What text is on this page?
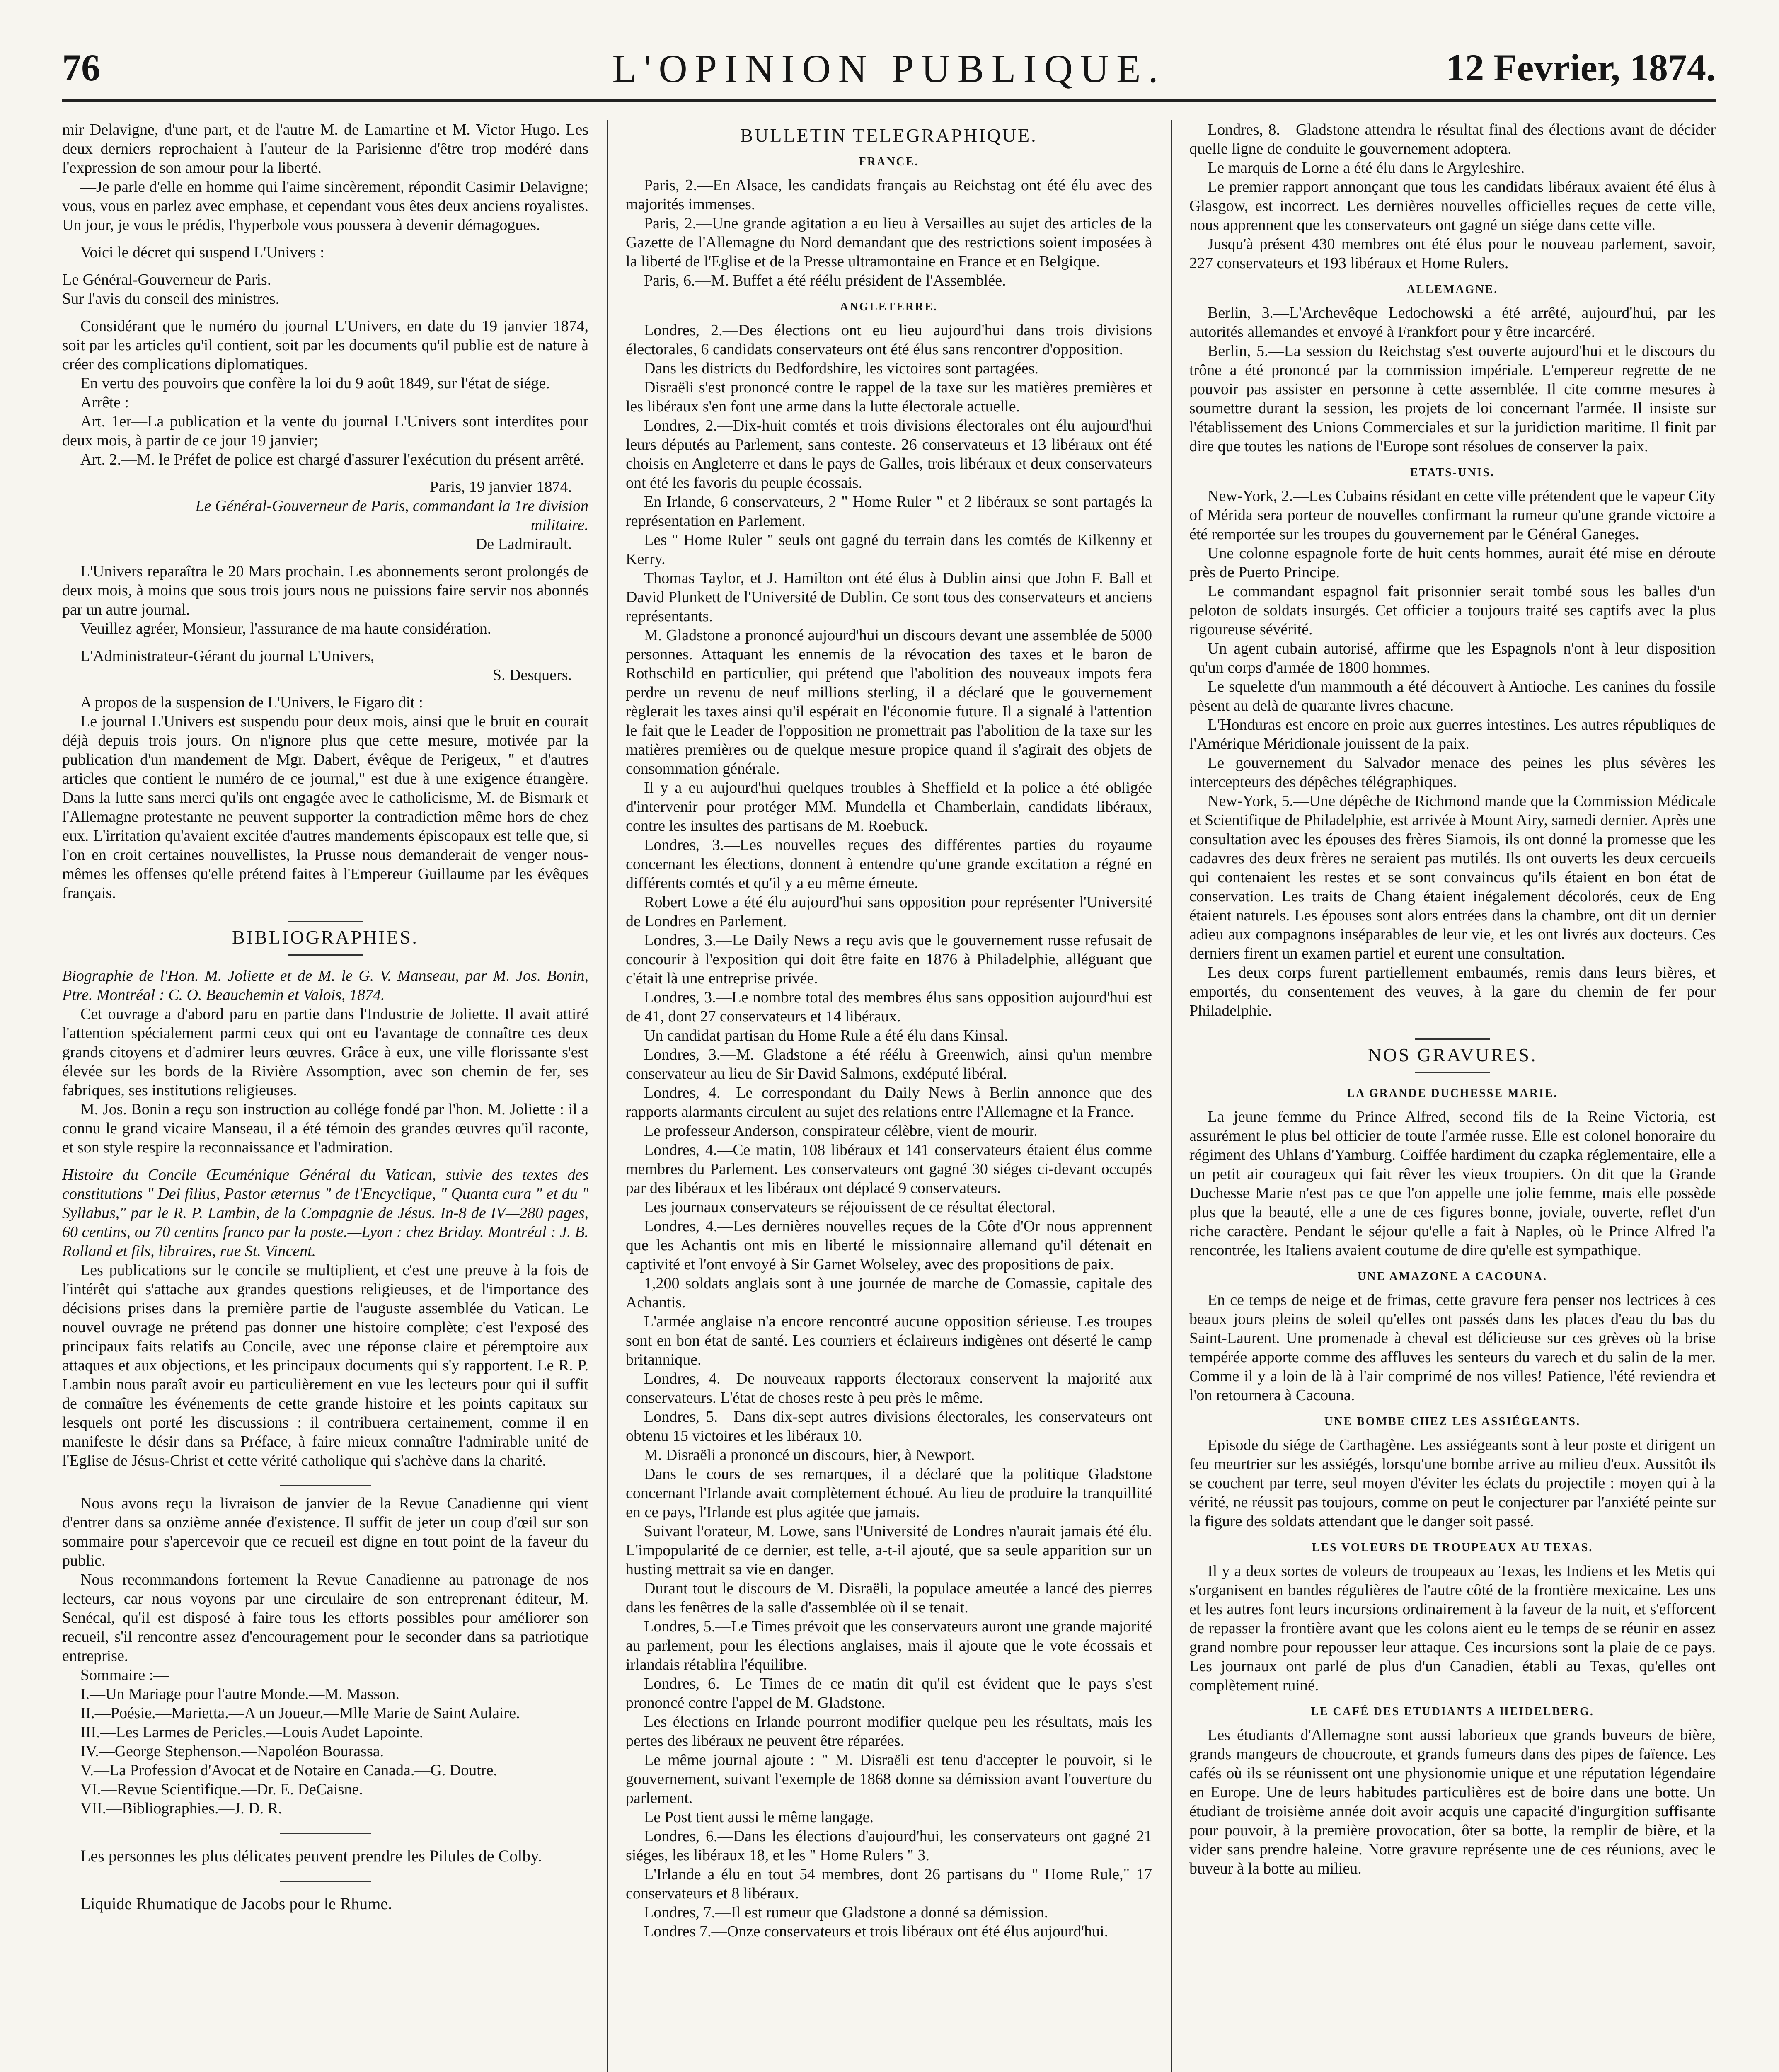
76	L'OPINION PUBLIQUE.	12 Fevrier, 1874.

mir Delavigne, d'une part, et de l'autre M. de Lamartine et M. Victor Hugo. Les deux derniers reprochaient à l'auteur de la Parisienne d'être trop modéré dans l'expression de son amour pour la liberté.

—Je parle d'elle en homme qui l'aime sincèrement, répondit Casimir Delavigne; vous, vous en parlez avec emphase, et cependant vous êtes deux anciens royalistes. Un jour, je vous le prédis, l'hyperbole vous poussera à devenir démagogues.

Voici le décret qui suspend L'Univers :

Le Général-Gouverneur de Paris.

Sur l'avis du conseil des ministres.

Considérant que le numéro du journal L'Univers, en date du 19 janvier 1874, soit par les articles qu'il contient, soit par les documents qu'il publie est de nature à créer des complications diplomatiques.

En vertu des pouvoirs que confère la loi du 9 août 1849, sur l'état de siége.

Arrête :

Art. 1er—La publication et la vente du journal L'Univers sont interdites pour deux mois, à partir de ce jour 19 janvier;

Art. 2.—M. le Préfet de police est chargé d'assurer l'exécution du présent arrêté.

Paris, 19 janvier 1874.

Le Général-Gouverneur de Paris, commandant la 1re division militaire.

De Ladmirault.

L'Univers reparaîtra le 20 Mars prochain. Les abonnements seront prolongés de deux mois, à moins que sous trois jours nous ne puissions faire servir nos abonnés par un autre journal.

Veuillez agréer, Monsieur, l'assurance de ma haute considération.

L'Administrateur-Gérant du journal L'Univers,

S. Desquers.

A propos de la suspension de L'Univers, le Figaro dit :

Le journal L'Univers est suspendu pour deux mois, ainsi que le bruit en courait déjà depuis trois jours. On n'ignore plus que cette mesure, motivée par la publication d'un mandement de Mgr. Dabert, évêque de Perigeux, " et d'autres articles que contient le numéro de ce journal," est due à une exigence étrangère. Dans la lutte sans merci qu'ils ont engagée avec le catholicisme, M. de Bismark et l'Allemagne protestante ne peuvent supporter la contradiction même hors de chez eux. L'irritation qu'avaient excitée d'autres mandements épiscopaux est telle que, si l'on en croit certaines nouvellistes, la Prusse nous demanderait de venger nous-mêmes les offenses qu'elle prétend faites à l'Empereur Guillaume par les évêques français.

BIBLIOGRAPHIES.

Biographie de l'Hon. M. Joliette et de M. le G. V. Manseau, par M. Jos. Bonin, Ptre. Montréal : C. O. Beauchemin et Valois, 1874.

Cet ouvrage a d'abord paru en partie dans l'Industrie de Joliette. Il avait attiré l'attention spécialement parmi ceux qui ont eu l'avantage de connaître ces deux grands citoyens et d'admirer leurs œuvres. Grâce à eux, une ville florissante s'est élevée sur les bords de la Rivière Assomption, avec son chemin de fer, ses fabriques, ses institutions religieuses.

M. Jos. Bonin a reçu son instruction au collége fondé par l'hon. M. Joliette : il a connu le grand vicaire Manseau, il a été témoin des grandes œuvres qu'il raconte, et son style respire la reconnaissance et l'admiration.

Histoire du Concile Œcuménique Général du Vatican, suivie des textes des constitutions " Dei filius, Pastor æternus " de l'Encyclique, " Quanta cura " et du " Syllabus," par le R. P. Lambin, de la Compagnie de Jésus. In-8 de IV—280 pages, 60 centins, ou 70 centins franco par la poste.—Lyon : chez Briday. Montréal : J. B. Rolland et fils, libraires, rue St. Vincent.

Les publications sur le concile se multiplient, et c'est une preuve à la fois de l'intérêt qui s'attache aux grandes questions religieuses, et de l'importance des décisions prises dans la première partie de l'auguste assemblée du Vatican. Le nouvel ouvrage ne prétend pas donner une histoire complète; c'est l'exposé des principaux faits relatifs au Concile, avec une réponse claire et péremptoire aux attaques et aux objections, et les principaux documents qui s'y rapportent. Le R. P. Lambin nous paraît avoir eu particulièrement en vue les lecteurs pour qui il suffit de connaître les événements de cette grande histoire et les points capitaux sur lesquels ont porté les discussions : il contribuera certainement, comme il en manifeste le désir dans sa Préface, à faire mieux connaître l'admirable unité de l'Eglise de Jésus-Christ et cette vérité catholique qui s'achève dans la charité.

Nous avons reçu la livraison de janvier de la Revue Canadienne qui vient d'entrer dans sa onzième année d'existence. Il suffit de jeter un coup d'œil sur son sommaire pour s'apercevoir que ce recueil est digne en tout point de la faveur du public.

Nous recommandons fortement la Revue Canadienne au patronage de nos lecteurs, car nous voyons par une circulaire de son entreprenant éditeur, M. Senécal, qu'il est disposé à faire tous les efforts possibles pour améliorer son recueil, s'il rencontre assez d'encouragement pour le seconder dans sa patriotique entreprise.

Sommaire :—

I.—Un Mariage pour l'autre Monde.—M. Masson.

II.—Poésie.—Marietta.—A un Joueur.—Mlle Marie de Saint Aulaire.

III.—Les Larmes de Pericles.—Louis Audet Lapointe.

IV.—George Stephenson.—Napoléon Bourassa.

V.—La Profession d'Avocat et de Notaire en Canada.—G. Doutre.

VI.—Revue Scientifique.—Dr. E. DeCaisne.

VII.—Bibliographies.—J. D. R.

Les personnes les plus délicates peuvent prendre les Pilules de Colby.

Liquide Rhumatique de Jacobs pour le Rhume.

BULLETIN TELEGRAPHIQUE.

FRANCE.

Paris, 2.—En Alsace, les candidats français au Reichstag ont été élu avec des majorités immenses.

Paris, 2.—Une grande agitation a eu lieu à Versailles au sujet des articles de la Gazette de l'Allemagne du Nord demandant que des restrictions soient imposées à la liberté de l'Eglise et de la Presse ultramontaine en France et en Belgique.

Paris, 6.—M. Buffet a été réélu président de l'Assemblée.

ANGLETERRE.

Londres, 2.—Des élections ont eu lieu aujourd'hui dans trois divisions électorales, 6 candidats conservateurs ont été élus sans rencontrer d'opposition.

Dans les districts du Bedfordshire, les victoires sont partagées.

Disraëli s'est prononcé contre le rappel de la taxe sur les matières premières et les libéraux s'en font une arme dans la lutte électorale actuelle.

Londres, 2.—Dix-huit comtés et trois divisions électorales ont élu aujourd'hui leurs députés au Parlement, sans conteste. 26 conservateurs et 13 libéraux ont été choisis en Angleterre et dans le pays de Galles, trois libéraux et deux conservateurs ont été les favoris du peuple écossais.

En Irlande, 6 conservateurs, 2 " Home Ruler " et 2 libéraux se sont partagés la représentation en Parlement.

Les " Home Ruler " seuls ont gagné du terrain dans les comtés de Kilkenny et Kerry.

Thomas Taylor, et J. Hamilton ont été élus à Dublin ainsi que John F. Ball et David Plunkett de l'Université de Dublin. Ce sont tous des conservateurs et anciens représentants.

M. Gladstone a prononcé aujourd'hui un discours devant une assemblée de 5000 personnes. Attaquant les ennemis de la révocation des taxes et le baron de Rothschild en particulier, qui prétend que l'abolition des nouveaux impots fera perdre un revenu de neuf millions sterling, il a déclaré que le gouvernement règlerait les taxes ainsi qu'il espérait en l'économie future. Il a signalé à l'attention le fait que le Leader de l'opposition ne promettrait pas l'abolition de la taxe sur les matières premières ou de quelque mesure propice quand il s'agirait des objets de consommation générale.

Il y a eu aujourd'hui quelques troubles à Sheffield et la police a été obligée d'intervenir pour protéger MM. Mundella et Chamberlain, candidats libéraux, contre les insultes des partisans de M. Roebuck.

Londres, 3.—Les nouvelles reçues des différentes parties du royaume concernant les élections, donnent à entendre qu'une grande excitation a régné en différents comtés et qu'il y a eu même émeute.

Robert Lowe a été élu aujourd'hui sans opposition pour représenter l'Université de Londres en Parlement.

Londres, 3.—Le Daily News a reçu avis que le gouvernement russe refusait de concourir à l'exposition qui doit être faite en 1876 à Philadelphie, alléguant que c'était là une entreprise privée.

Londres, 3.—Le nombre total des membres élus sans opposition aujourd'hui est de 41, dont 27 conservateurs et 14 libéraux.

Un candidat partisan du Home Rule a été élu dans Kinsal.

Londres, 3.—M. Gladstone a été réélu à Greenwich, ainsi qu'un membre conservateur au lieu de Sir David Salmons, exdéputé libéral.

Londres, 4.—Le correspondant du Daily News à Berlin annonce que des rapports alarmants circulent au sujet des relations entre l'Allemagne et la France.

Le professeur Anderson, conspirateur célèbre, vient de mourir.

Londres, 4.—Ce matin, 108 libéraux et 141 conservateurs étaient élus comme membres du Parlement. Les conservateurs ont gagné 30 siéges ci-devant occupés par des libéraux et les libéraux ont déplacé 9 conservateurs.

Les journaux conservateurs se réjouissent de ce résultat électoral.

Londres, 4.—Les dernières nouvelles reçues de la Côte d'Or nous apprennent que les Achantis ont mis en liberté le missionnaire allemand qu'il détenait en captivité et l'ont envoyé à Sir Garnet Wolseley, avec des propositions de paix.

1,200 soldats anglais sont à une journée de marche de Comassie, capitale des Achantis.

L'armée anglaise n'a encore rencontré aucune opposition sérieuse. Les troupes sont en bon état de santé. Les courriers et éclaireurs indigènes ont déserté le camp britannique.

Londres, 4.—De nouveaux rapports électoraux conservent la majorité aux conservateurs. L'état de choses reste à peu près le même.

Londres, 5.—Dans dix-sept autres divisions électorales, les conservateurs ont obtenu 15 victoires et les libéraux 10.

M. Disraëli a prononcé un discours, hier, à Newport.

Dans le cours de ses remarques, il a déclaré que la politique Gladstone concernant l'Irlande avait complètement échoué. Au lieu de produire la tranquillité en ce pays, l'Irlande est plus agitée que jamais.

Suivant l'orateur, M. Lowe, sans l'Université de Londres n'aurait jamais été élu. L'impopularité de ce dernier, est telle, a-t-il ajouté, que sa seule apparition sur un husting mettrait sa vie en danger.

Durant tout le discours de M. Disraëli, la populace ameutée a lancé des pierres dans les fenêtres de la salle d'assemblée où il se tenait.

Londres, 5.—Le Times prévoit que les conservateurs auront une grande majorité au parlement, pour les élections anglaises, mais il ajoute que le vote écossais et irlandais rétablira l'équilibre.

Londres, 6.—Le Times de ce matin dit qu'il est évident que le pays s'est prononcé contre l'appel de M. Gladstone.

Les élections en Irlande pourront modifier quelque peu les résultats, mais les pertes des libéraux ne peuvent être réparées.

Le même journal ajoute : " M. Disraëli est tenu d'accepter le pouvoir, si le gouvernement, suivant l'exemple de 1868 donne sa démission avant l'ouverture du parlement.

Le Post tient aussi le même langage.

Londres, 6.—Dans les élections d'aujourd'hui, les conservateurs ont gagné 21 siéges, les libéraux 18, et les " Home Rulers " 3.

L'Irlande a élu en tout 54 membres, dont 26 partisans du " Home Rule," 17 conservateurs et 8 libéraux.

Londres, 7.—Il est rumeur que Gladstone a donné sa démission.

Londres 7.—Onze conservateurs et trois libéraux ont été élus aujourd'hui.

Londres, 8.—Gladstone attendra le résultat final des élections avant de décider quelle ligne de conduite le gouvernement adoptera.

Le marquis de Lorne a été élu dans le Argyleshire.

Le premier rapport annonçant que tous les candidats libéraux avaient été élus à Glasgow, est incorrect. Les dernières nouvelles officielles reçues de cette ville, nous apprennent que les conservateurs ont gagné un siége dans cette ville.

Jusqu'à présent 430 membres ont été élus pour le nouveau parlement, savoir, 227 conservateurs et 193 libéraux et Home Rulers.

ALLEMAGNE.

Berlin, 3.—L'Archevêque Ledochowski a été arrêté, aujourd'hui, par les autorités allemandes et envoyé à Frankfort pour y être incarcéré.

Berlin, 5.—La session du Reichstag s'est ouverte aujourd'hui et le discours du trône a été prononcé par la commission impériale. L'empereur regrette de ne pouvoir pas assister en personne à cette assemblée. Il cite comme mesures à soumettre durant la session, les projets de loi concernant l'armée. Il insiste sur l'établissement des Unions Commerciales et sur la juridiction maritime. Il finit par dire que toutes les nations de l'Europe sont résolues de conserver la paix.

ETATS-UNIS.

New-York, 2.—Les Cubains résidant en cette ville prétendent que le vapeur City of Mérida sera porteur de nouvelles confirmant la rumeur qu'une grande victoire a été remportée sur les troupes du gouvernement par le Général Ganeges.

Une colonne espagnole forte de huit cents hommes, aurait été mise en déroute près de Puerto Principe.

Le commandant espagnol fait prisonnier serait tombé sous les balles d'un peloton de soldats insurgés. Cet officier a toujours traité ses captifs avec la plus rigoureuse sévérité.

Un agent cubain autorisé, affirme que les Espagnols n'ont à leur disposition qu'un corps d'armée de 1800 hommes.

Le squelette d'un mammouth a été découvert à Antioche. Les canines du fossile pèsent au delà de quarante livres chacune.

L'Honduras est encore en proie aux guerres intestines. Les autres républiques de l'Amérique Méridionale jouissent de la paix.

Le gouvernement du Salvador menace des peines les plus sévères les intercepteurs des dépêches télégraphiques.

New-York, 5.—Une dépêche de Richmond mande que la Commission Médicale et Scientifique de Philadelphie, est arrivée à Mount Airy, samedi dernier. Après une consultation avec les épouses des frères Siamois, ils ont donné la promesse que les cadavres des deux frères ne seraient pas mutilés. Ils ont ouverts les deux cercueils qui contenaient les restes et se sont convaincus qu'ils étaient en bon état de conservation. Les traits de Chang étaient inégalement décolorés, ceux de Eng étaient naturels. Les épouses sont alors entrées dans la chambre, ont dit un dernier adieu aux compagnons inséparables de leur vie, et les ont livrés aux docteurs. Ces derniers firent un examen partiel et eurent une consultation.

Les deux corps furent partiellement embaumés, remis dans leurs bières, et emportés, du consentement des veuves, à la gare du chemin de fer pour Philadelphie.

NOS GRAVURES.

LA GRANDE DUCHESSE MARIE.

La jeune femme du Prince Alfred, second fils de la Reine Victoria, est assurément le plus bel officier de toute l'armée russe. Elle est colonel honoraire du régiment des Uhlans d'Yamburg. Coiffée hardiment du czapka réglementaire, elle a un petit air courageux qui fait rêver les vieux troupiers. On dit que la Grande Duchesse Marie n'est pas ce que l'on appelle une jolie femme, mais elle possède plus que la beauté, elle a une de ces figures bonne, joviale, ouverte, reflet d'un riche caractère. Pendant le séjour qu'elle a fait à Naples, où le Prince Alfred l'a rencontrée, les Italiens avaient coutume de dire qu'elle est sympathique.

UNE AMAZONE A CACOUNA.

En ce temps de neige et de frimas, cette gravure fera penser nos lectrices à ces beaux jours pleins de soleil qu'elles ont passés dans les places d'eau du bas du Saint-Laurent. Une promenade à cheval est délicieuse sur ces grèves où la brise tempérée apporte comme des affluves les senteurs du varech et du salin de la mer. Comme il y a loin de là à l'air comprimé de nos villes! Patience, l'été reviendra et l'on retournera à Cacouna.

UNE BOMBE CHEZ LES ASSIÉGEANTS.

Episode du siége de Carthagène. Les assiégeants sont à leur poste et dirigent un feu meurtrier sur les assiégés, lorsqu'une bombe arrive au milieu d'eux. Aussitôt ils se couchent par terre, seul moyen d'éviter les éclats du projectile : moyen qui à la vérité, ne réussit pas toujours, comme on peut le conjecturer par l'anxiété peinte sur la figure des soldats attendant que le danger soit passé.

LES VOLEURS DE TROUPEAUX AU TEXAS.

Il y a deux sortes de voleurs de troupeaux au Texas, les Indiens et les Metis qui s'organisent en bandes régulières de l'autre côté de la frontière mexicaine. Les uns et les autres font leurs incursions ordinairement à la faveur de la nuit, et s'efforcent de repasser la frontière avant que les colons aient eu le temps de se réunir en assez grand nombre pour repousser leur attaque. Ces incursions sont la plaie de ce pays. Les journaux ont parlé de plus d'un Canadien, établi au Texas, qu'elles ont complètement ruiné.

LE CAFÉ DES ETUDIANTS A HEIDELBERG.

Les étudiants d'Allemagne sont aussi laborieux que grands buveurs de bière, grands mangeurs de choucroute, et grands fumeurs dans des pipes de faïence. Les cafés où ils se réunissent ont une physionomie unique et une réputation légendaire en Europe. Une de leurs habitudes particulières est de boire dans une botte. Un étudiant de troisième année doit avoir acquis une capacité d'ingurgition suffisante pour pouvoir, à la première provocation, ôter sa botte, la remplir de bière, et la vider sans prendre haleine. Notre gravure représente une de ces réunions, avec le buveur à la botte au milieu.
